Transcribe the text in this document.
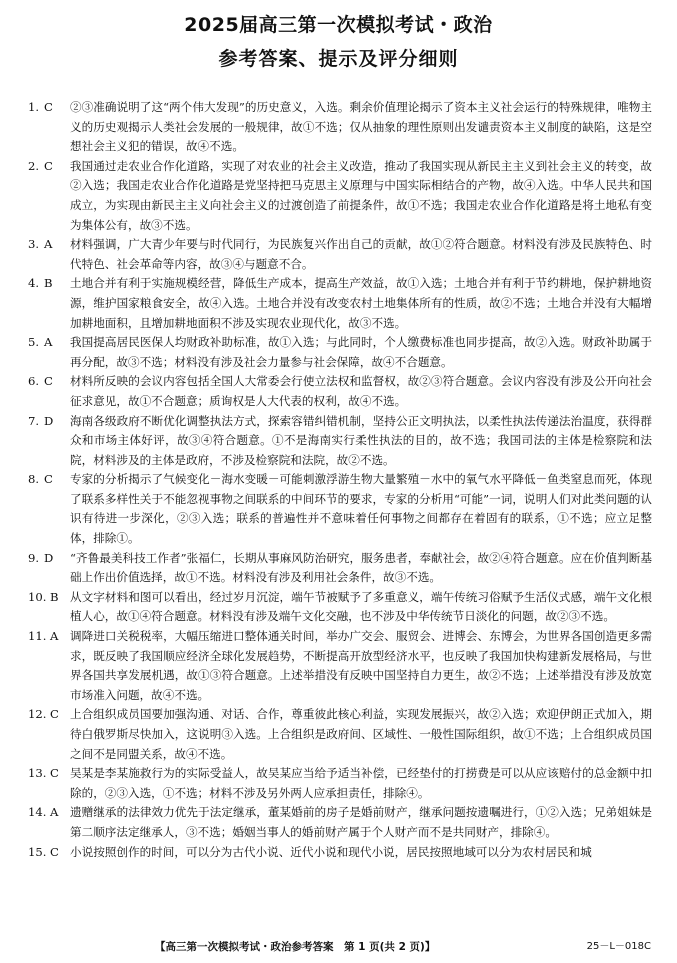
2025届高三第一次模拟考试・政治
参考答案、提示及评分细则

1. C	②③准确说明了这“两个伟大发现”的历史意义，入选。剩余价值理论揭示了资本主义社会运行的特殊规律，唯物主义的历史观揭示人类社会发展的一般规律，故①不选；仅从抽象的理性原则出发谴责资本主义制度的缺陷，这是空想社会主义犯的错误，故④不选。

2. C	我国通过走农业合作化道路，实现了对农业的社会主义改造，推动了我国实现从新民主主义到社会主义的转变，故②入选；我国走农业合作化道路是党坚持把马克思主义原理与中国实际相结合的产物，故④入选。中华人民共和国成立，为实现由新民主主义向社会主义的过渡创造了前提条件，故①不选；我国走农业合作化道路是将土地私有变为集体公有，故③不选。

3. A	材料强调，广大青少年要与时代同行，为民族复兴作出自己的贡献，故①②符合题意。材料没有涉及民族特色、时代特色、社会革命等内容，故③④与题意不合。

4. B	土地合并有利于实施规模经营，降低生产成本，提高生产效益，故①入选；土地合并有利于节约耕地，保护耕地资源，维护国家粮食安全，故④入选。土地合并没有改变农村土地集体所有的性质，故②不选；土地合并没有大幅增加耕地面积，且增加耕地面积不涉及实现农业现代化，故③不选。

5. A	我国提高居民医保人均财政补助标准，故①入选；与此同时，个人缴费标准也同步提高，故②入选。财政补助属于再分配，故③不选；材料没有涉及社会力量参与社会保障，故④不合题意。

6. C	材料所反映的会议内容包括全国人大常委会行使立法权和监督权，故②③符合题意。会议内容没有涉及公开向社会征求意见，故①不合题意；质询权是人大代表的权利，故④不选。

7. D	海南各级政府不断优化调整执法方式，探索容错纠错机制，坚持公正文明执法，以柔性执法传递法治温度，获得群众和市场主体好评，故③④符合题意。①不是海南实行柔性执法的目的，故不选；我国司法的主体是检察院和法院，材料涉及的主体是政府，不涉及检察院和法院，故②不选。

8. C	专家的分析揭示了气候变化－海水变暖－可能刺激浮游生物大量繁殖－水中的氧气水平降低－鱼类窒息而死，体现了联系多样性关于不能忽视事物之间联系的中间环节的要求，专家的分析用“可能”一词，说明人们对此类问题的认识有待进一步深化，②③入选；联系的普遍性并不意味着任何事物之间都存在着固有的联系，①不选；应立足整体，排除①。

9. D	“齐鲁最美科技工作者”张福仁，长期从事麻风防治研究，服务患者，奉献社会，故②④符合题意。应在价值判断基础上作出价值选择，故①不选。材料没有涉及利用社会条件，故③不选。

10. B 从文字材料和图可以看出，经过岁月沉淀，端午节被赋予了多重意义，端午传统习俗赋予生活仪式感，端午文化根植人心，故①④符合题意。材料没有涉及端午文化交融，也不涉及中华传统节日淡化的问题，故②③不选。

11. A	调降进口关税税率，大幅压缩进口整体通关时间，举办广交会、服贸会、进博会、东博会，为世界各国创造更多需求，既反映了我国顺应经济全球化发展趋势，不断提高开放型经济水平，也反映了我国加快构建新发展格局，与世界各国共享发展机遇，故①③符合题意。上述举措没有反映中国坚持自力更生，故②不选；上述举措没有涉及放宽市场准入问题，故④不选。

12. C 上合组织成员国要加强沟通、对话、合作，尊重彼此核心利益，实现发展振兴，故②入选；欢迎伊朗正式加入，期待白俄罗斯尽快加入，这说明③入选。上合组织是政府间、区域性、一般性国际组织，故①不选；上合组织成员国之间不是同盟关系，故④不选。

13. C 吴某是李某施救行为的实际受益人，故吴某应当给予适当补偿，已经垫付的打捞费是可以从应该赔付的总金额中扣除的，②③入选，①不选；材料不涉及另外两人应承担责任，排除④。

14. A	遗赠继承的法律效力优先于法定继承，董某婚前的房子是婚前财产，继承问题按遗嘱进行，①②入选；兄弟姐妹是第二顺序法定继承人，③不选；婚姻当事人的婚前财产属于个人财产而不是共同财产，排除④。

15. C 小说按照创作的时间，可以分为古代小说、近代小说和现代小说，居民按照地域可以分为农村居民和城

【高三第一次模拟考试・政治参考答案　第 1 页(共 2 页)】	25－L－018C
